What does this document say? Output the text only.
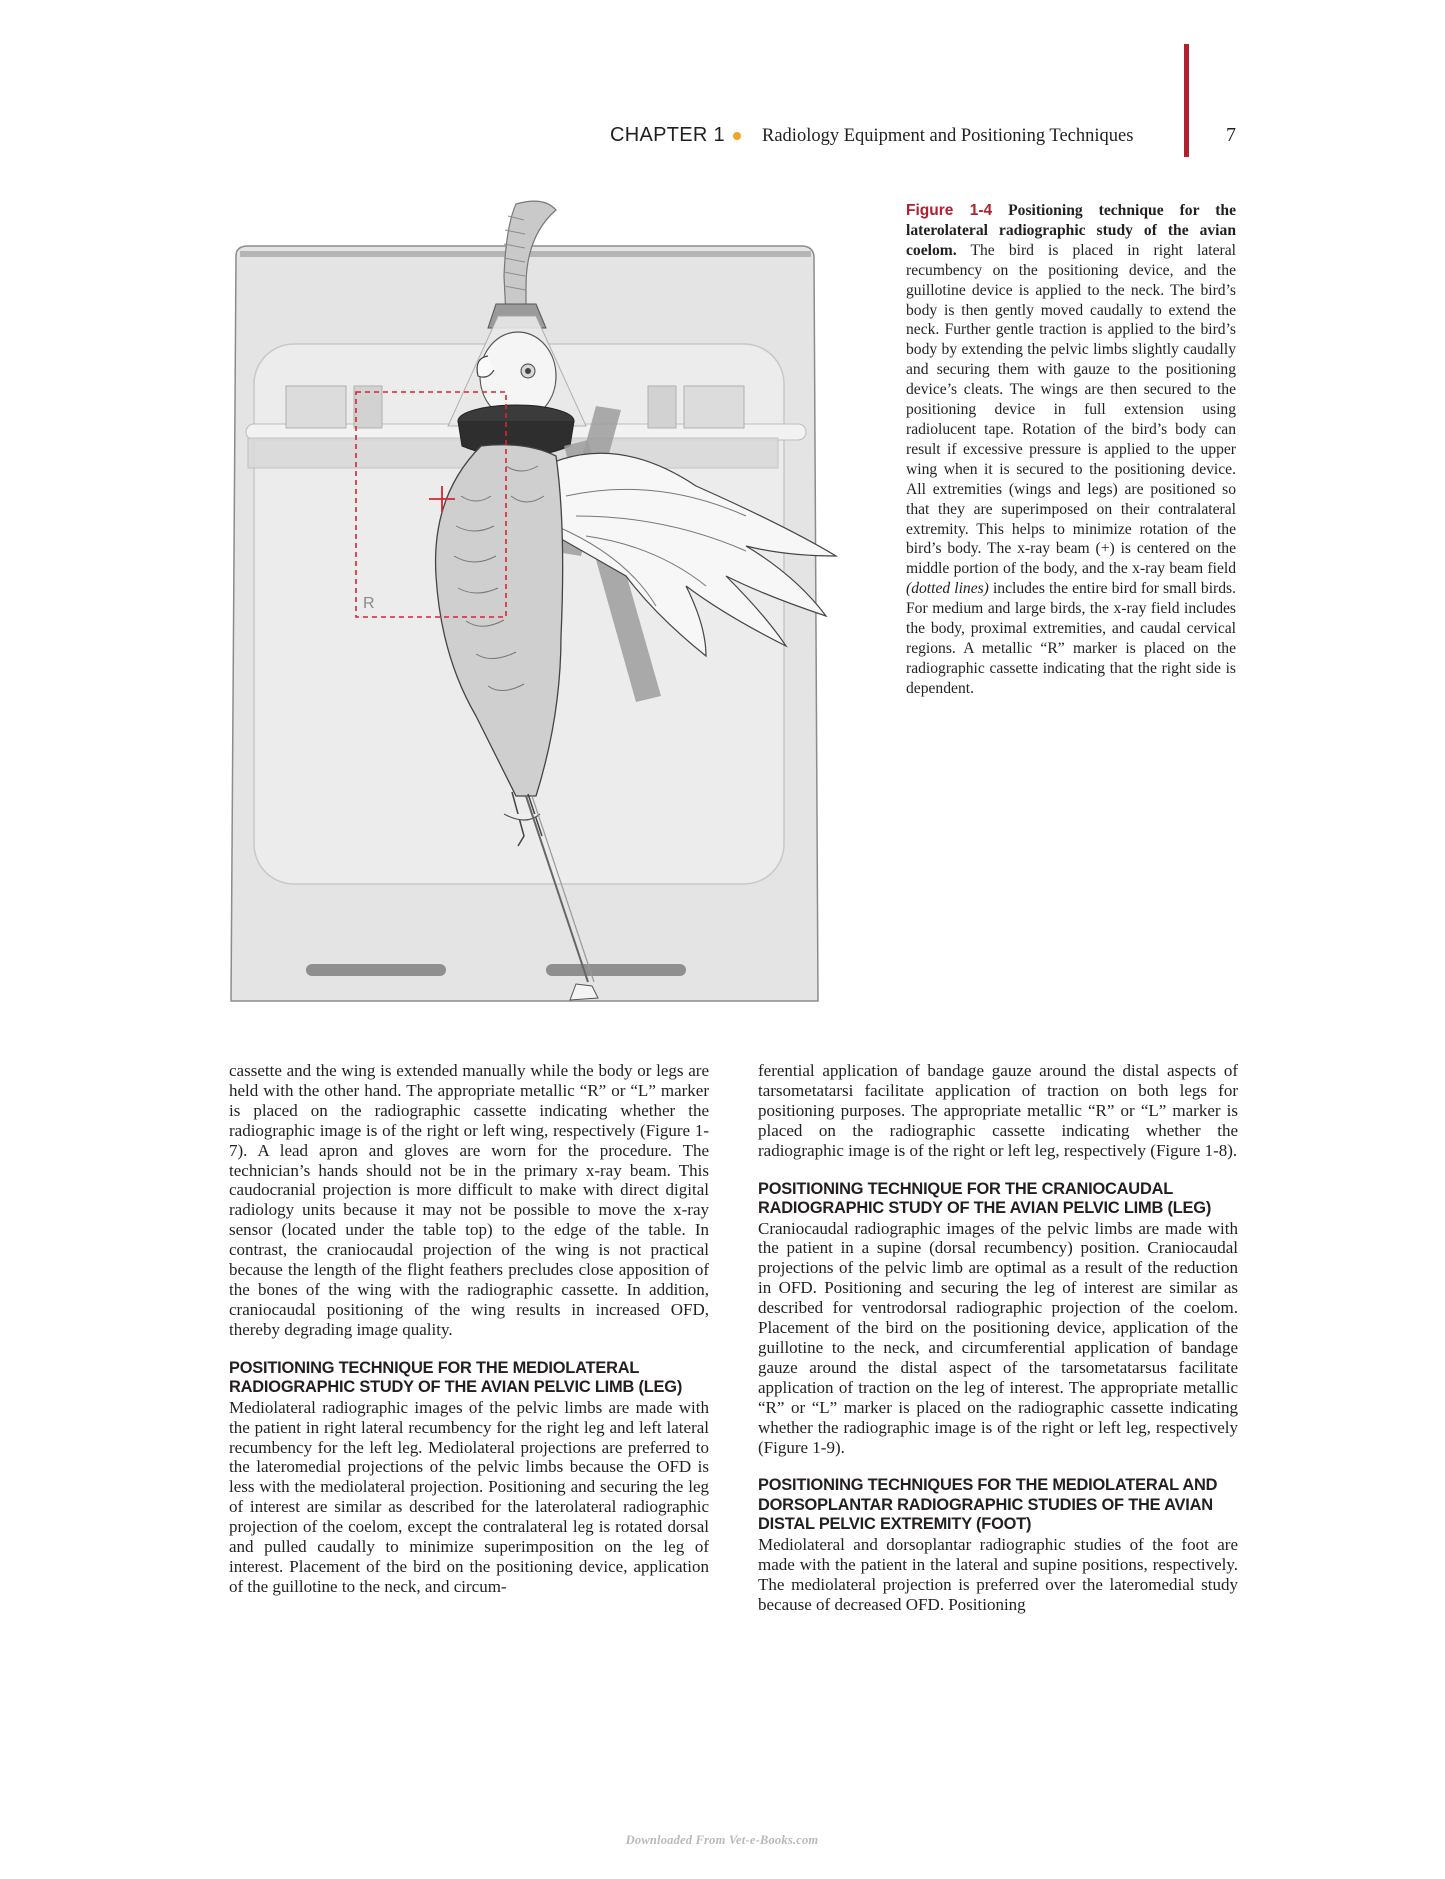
CHAPTER 1 Radiology Equipment and Positioning Techniques	7
R
Figure 1-4 Positioning technique for the laterolateral radiographic study of the avian coelom. The bird is placed in right lateral recumbency on the positioning device, and the guillotine device is applied to the neck. The bird’s body is then gently moved caudally to extend the neck. Further gentle traction is applied to the bird’s body by extending the pelvic limbs slightly caudally and securing them with gauze to the positioning device’s cleats. The wings are then secured to the positioning device in full extension using radiolucent tape. Rotation of the bird’s body can result if excessive pressure is applied to the upper wing when it is secured to the positioning device. All extremities (wings and legs) are positioned so that they are superimposed on their contralateral extremity. This helps to minimize rotation of the bird’s body. The x-ray beam (+) is centered on the middle portion of the body, and the x-ray beam field (dotted lines) includes the entire bird for small birds. For medium and large birds, the x-ray field includes the body, proximal extremities, and caudal cervical regions. A metallic “R” marker is placed on the radiographic cassette indicating that the right side is dependent.

cassette and the wing is extended manually while the body or legs are held with the other hand. The appropriate metallic “R” or “L” marker is placed on the radiographic cassette indicating whether the radiographic image is of the right or left wing, respectively (Figure 1-7). A lead apron and gloves are worn for the procedure. The technician’s hands should not be in the primary x-ray beam. This caudocranial projection is more difficult to make with direct digital radiology units because it may not be possible to move the x-ray sensor (located under the table top) to the edge of the table. In contrast, the craniocaudal projection of the wing is not practical because the length of the flight feathers precludes close apposition of the bones of the wing with the radiographic cassette. In addition, craniocaudal positioning of the wing results in increased OFD, thereby degrading image quality.

POSITIONING TECHNIQUE FOR THE MEDIOLATERAL RADIOGRAPHIC STUDY OF THE AVIAN PELVIC LIMB (LEG)

Mediolateral radiographic images of the pelvic limbs are made with the patient in right lateral recumbency for the right leg and left lateral recumbency for the left leg. Mediolateral projections are preferred to the lateromedial projections of the pelvic limbs because the OFD is less with the mediolateral projection. Positioning and securing the leg of interest are similar as described for the laterolateral radiographic projection of the coelom, except the contralateral leg is rotated dorsal and pulled caudally to minimize superimposition on the leg of interest. Placement of the bird on the positioning device, application of the guillotine to the neck, and circum-

ferential application of bandage gauze around the distal aspects of tarsometatarsi facilitate application of traction on both legs for positioning purposes. The appropriate metallic “R” or “L” marker is placed on the radiographic cassette indicating whether the radiographic image is of the right or left leg, respectively (Figure 1-8).

POSITIONING TECHNIQUE FOR THE CRANIOCAUDAL RADIOGRAPHIC STUDY OF THE AVIAN PELVIC LIMB (LEG)

Craniocaudal radiographic images of the pelvic limbs are made with the patient in a supine (dorsal recumbency) position. Craniocaudal projections of the pelvic limb are optimal as a result of the reduction in OFD. Positioning and securing the leg of interest are similar as described for ventrodorsal radiographic projection of the coelom. Placement of the bird on the positioning device, application of the guillotine to the neck, and circumferential application of bandage gauze around the distal aspect of the tarsometatarsus facilitate application of traction on the leg of interest. The appropriate metallic “R” or “L” marker is placed on the radiographic cassette indicating whether the radiographic image is of the right or left leg, respectively (Figure 1-9).

POSITIONING TECHNIQUES FOR THE MEDIOLATERAL AND DORSOPLANTAR RADIOGRAPHIC STUDIES OF THE AVIAN DISTAL PELVIC EXTREMITY (FOOT)

Mediolateral and dorsoplantar radiographic studies of the foot are made with the patient in the lateral and supine positions, respectively. The mediolateral projection is preferred over the lateromedial study because of decreased OFD. Positioning

Downloaded From Vet-e-Books.com
